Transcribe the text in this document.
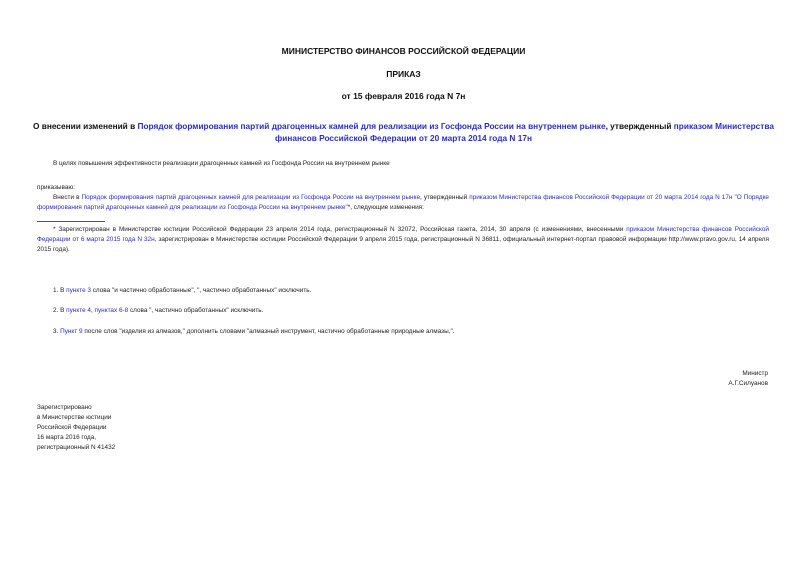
МИНИСТЕРСТВО ФИНАНСОВ РОССИЙСКОЙ ФЕДЕРАЦИИ
ПРИКАЗ
от 15 февраля 2016 года N 7н
О внесении изменений в Порядок формирования партий драгоценных камней для реализации из Госфонда России на внутреннем рынке, утвержденный приказом Министерства финансов Российской Федерации от 20 марта 2014 года N 17н
В целях повышения эффективности реализации драгоценных камней из Госфонда России на внутреннем рынке
приказываю:
Внести в Порядок формирования партий драгоценных камней для реализации из Госфонда России на внутреннем рынке, утвержденный приказом Министерства финансов Российской Федерации от 20 марта 2014 года N 17н "О Порядке формирования партий драгоценных камней для реализации из Госфонда России на внутреннем рынке"*, следующие изменения:
* Зарегистрирован в Министерстве юстиции Российской Федерации 23 апреля 2014 года, регистрационный N 32072, Российская газета, 2014, 30 апреля (с изменениями, внесенными приказом Министерства финансов Российской Федерации от 6 марта 2015 года N 32н, зарегистрирован в Министерстве юстиции Российской Федерации 9 апреля 2015 года, регистрационный N 36811, официальный интернет-портал правовой информации http://www.pravo.gov.ru, 14 апреля 2015 года).
1. В пункте 3 слова "и частично обработанные", ", частично обработанных" исключить.
2. В пункте 4, пунктах 6-8 слова ", частично обработанных" исключить.
3. Пункт 9 после слов "изделия из алмазов," дополнить словами "алмазный инструмент, частично обработанные природные алмазы,".
Министр
А.Г.Силуанов
Зарегистрировано
в Министерстве юстиции
Российской Федерации
16 марта 2016 года,
регистрационный N 41432
